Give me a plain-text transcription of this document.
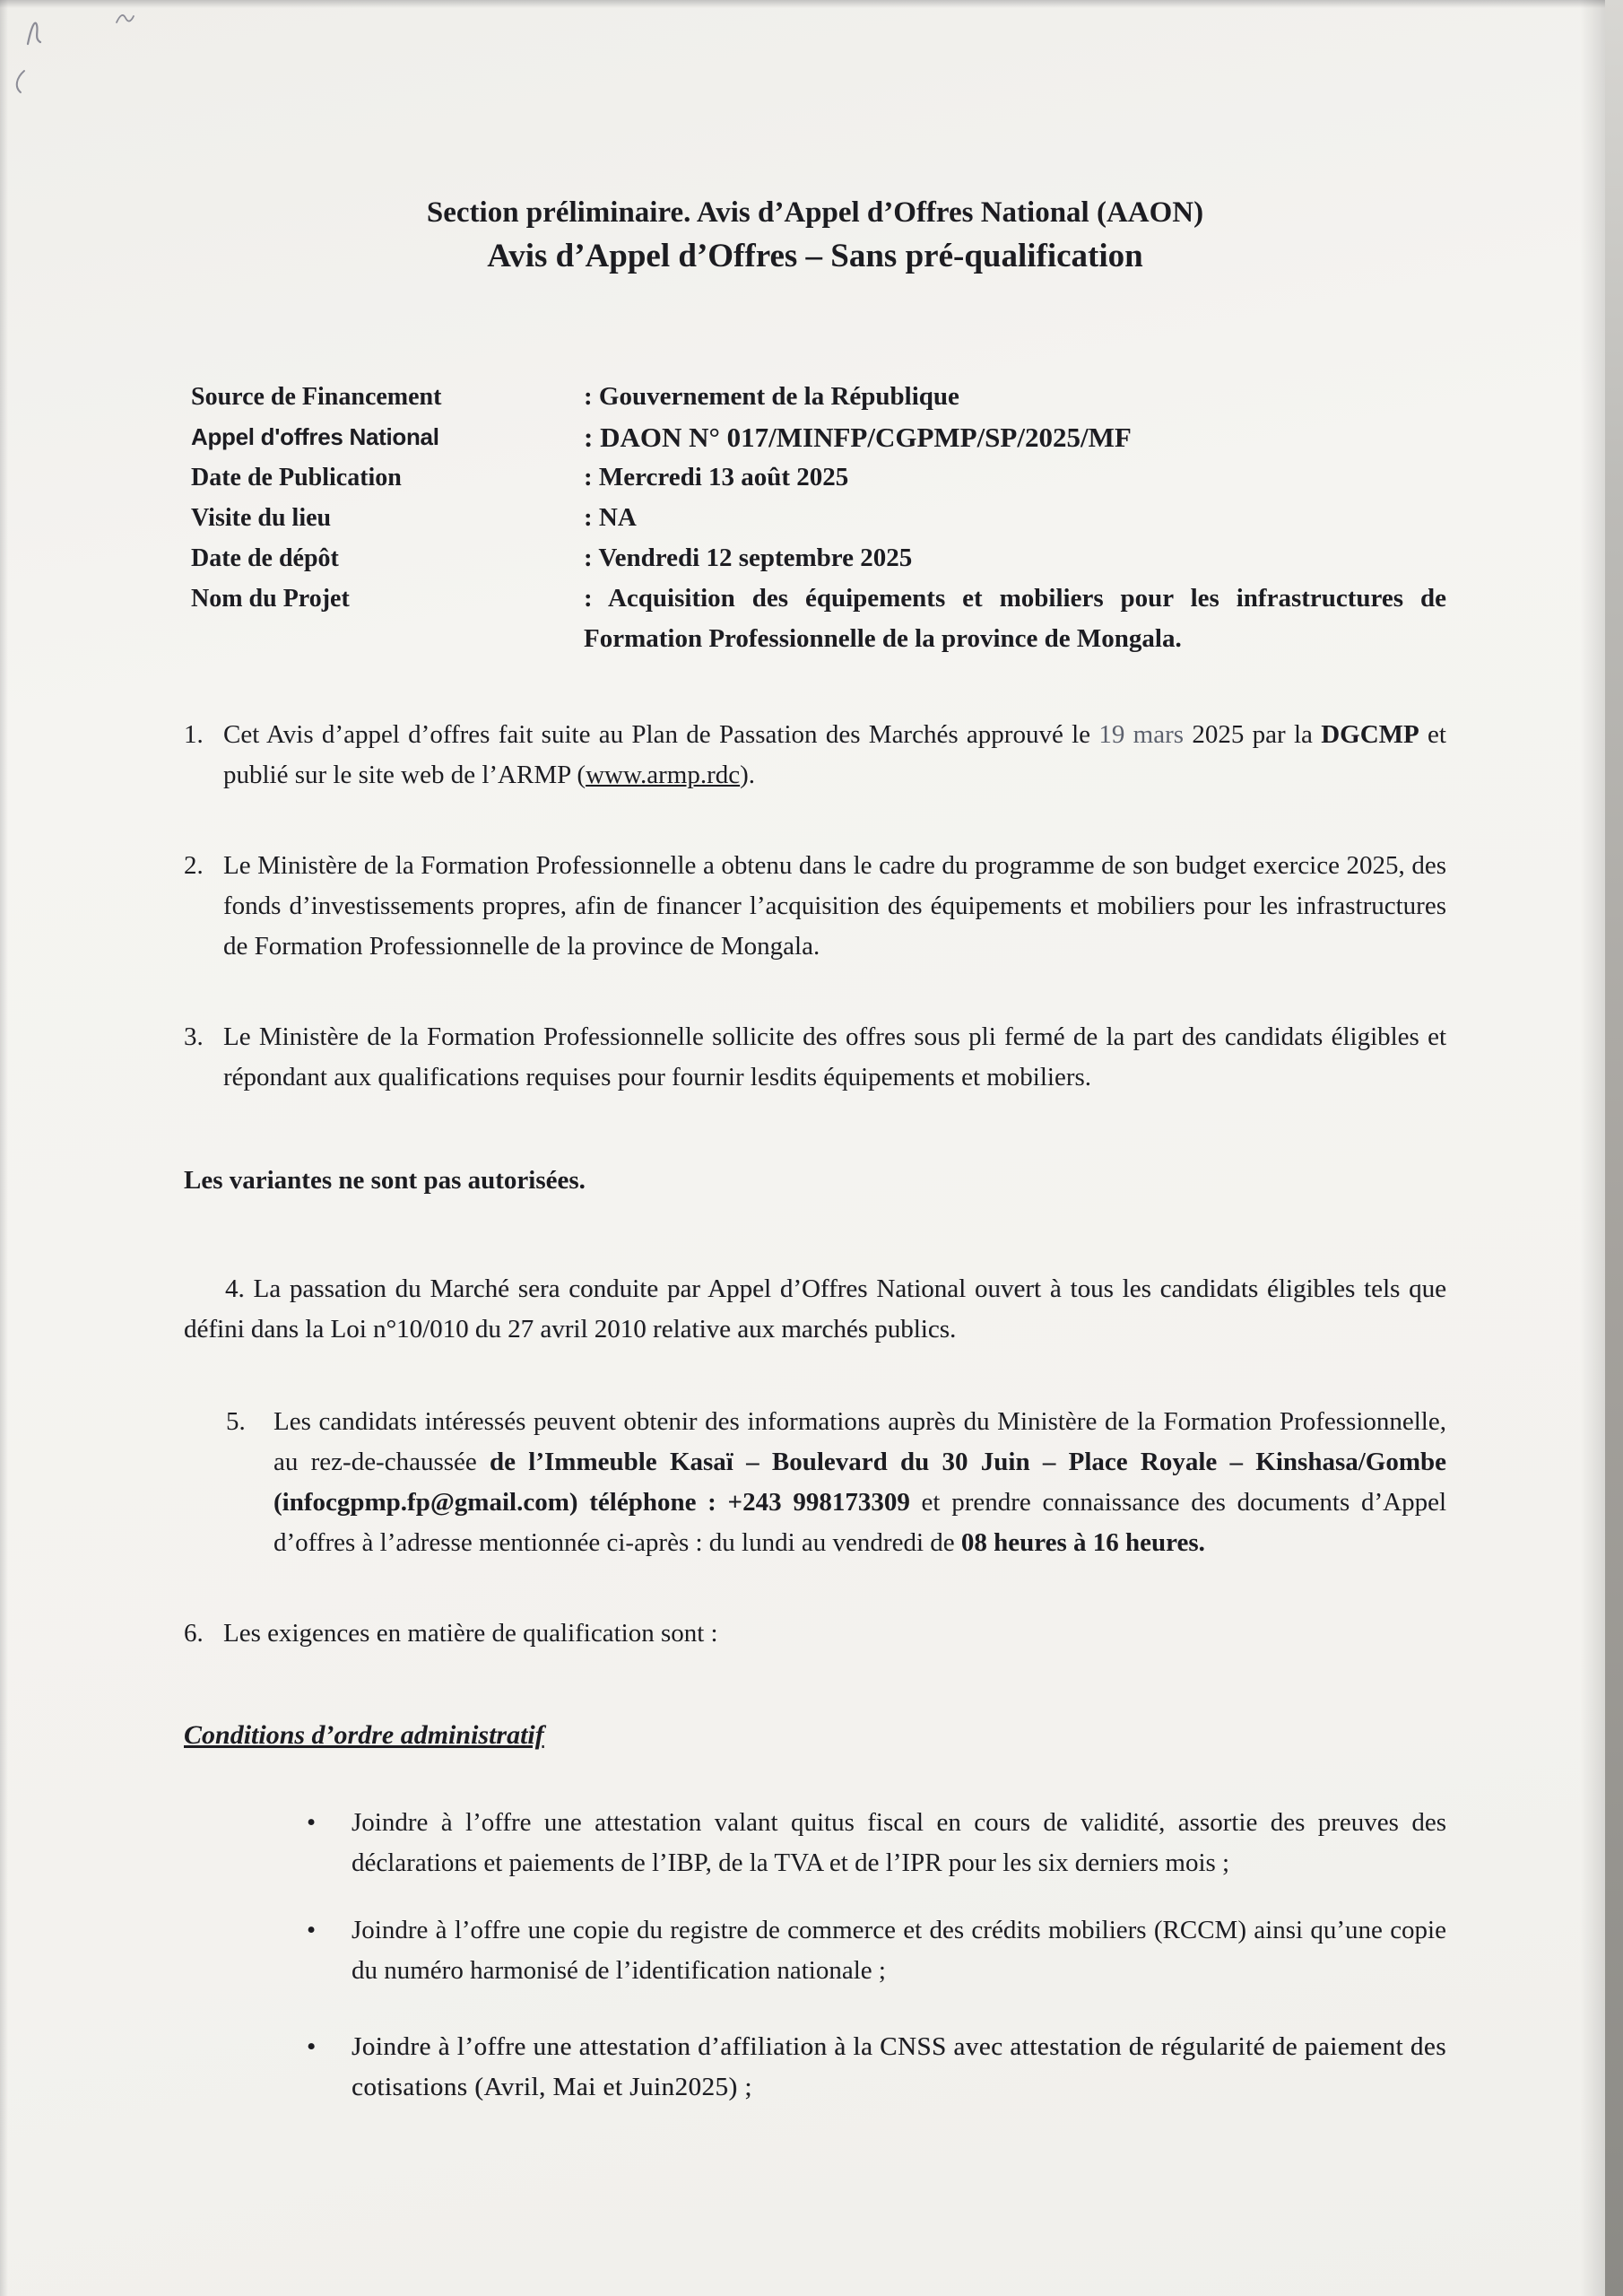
Section préliminaire. Avis d’Appel d’Offres National (AAON)
Avis d’Appel d’Offres – Sans pré-qualification
Source de Financement	: Gouvernement de la République
Appel d'offres National	: DAON N° 017/MINFP/CGPMP/SP/2025/MF
Date de Publication	: Mercredi 13 août 2025
Visite du lieu	: NA
Date de dépôt	: Vendredi 12 septembre 2025
Nom du Projet	: Acquisition des équipements et mobiliers pour les infrastructures de Formation Professionnelle de la province de Mongala.
1. Cet Avis d’appel d’offres fait suite au Plan de Passation des Marchés approuvé le 19 mars 2025 par la DGCMP et publié sur le site web de l’ARMP (www.armp.rdc).
2. Le Ministère de la Formation Professionnelle a obtenu dans le cadre du programme de son budget exercice 2025, des fonds d’investissements propres, afin de financer l’acquisition des équipements et mobiliers pour les infrastructures de Formation Professionnelle de la province de Mongala.
3. Le Ministère de la Formation Professionnelle sollicite des offres sous pli fermé de la part des candidats éligibles et répondant aux qualifications requises pour fournir lesdits équipements et mobiliers.
Les variantes ne sont pas autorisées.

4. La passation du Marché sera conduite par Appel d’Offres National ouvert à tous les candidats éligibles tels que défini dans la Loi n°10/010 du 27 avril 2010 relative aux marchés publics.

5.	Les candidats intéressés peuvent obtenir des informations auprès du Ministère de la Formation Professionnelle, au rez-de-chaussée de l’Immeuble Kasaï – Boulevard du 30 Juin – Place Royale – Kinshasa/Gombe (infocgpmp.fp@gmail.com) téléphone : +243 998173309 et prendre connaissance des documents d’Appel d’offres à l’adresse mentionnée ci-après : du lundi au vendredi de 08 heures à 16 heures.
6. Les exigences en matière de qualification sont :
Conditions d’ordre administratif
• Joindre à l’offre une attestation valant quitus fiscal en cours de validité, assortie des preuves des déclarations et paiements de l’IBP, de la TVA et de l’IPR pour les six derniers mois ;
• Joindre à l’offre une copie du registre de commerce et des crédits mobiliers (RCCM) ainsi qu’une copie du numéro harmonisé de l’identification nationale ;
• Joindre à l’offre une attestation d’affiliation à la CNSS avec attestation de régularité de paiement des cotisations (Avril, Mai et Juin2025) ;
